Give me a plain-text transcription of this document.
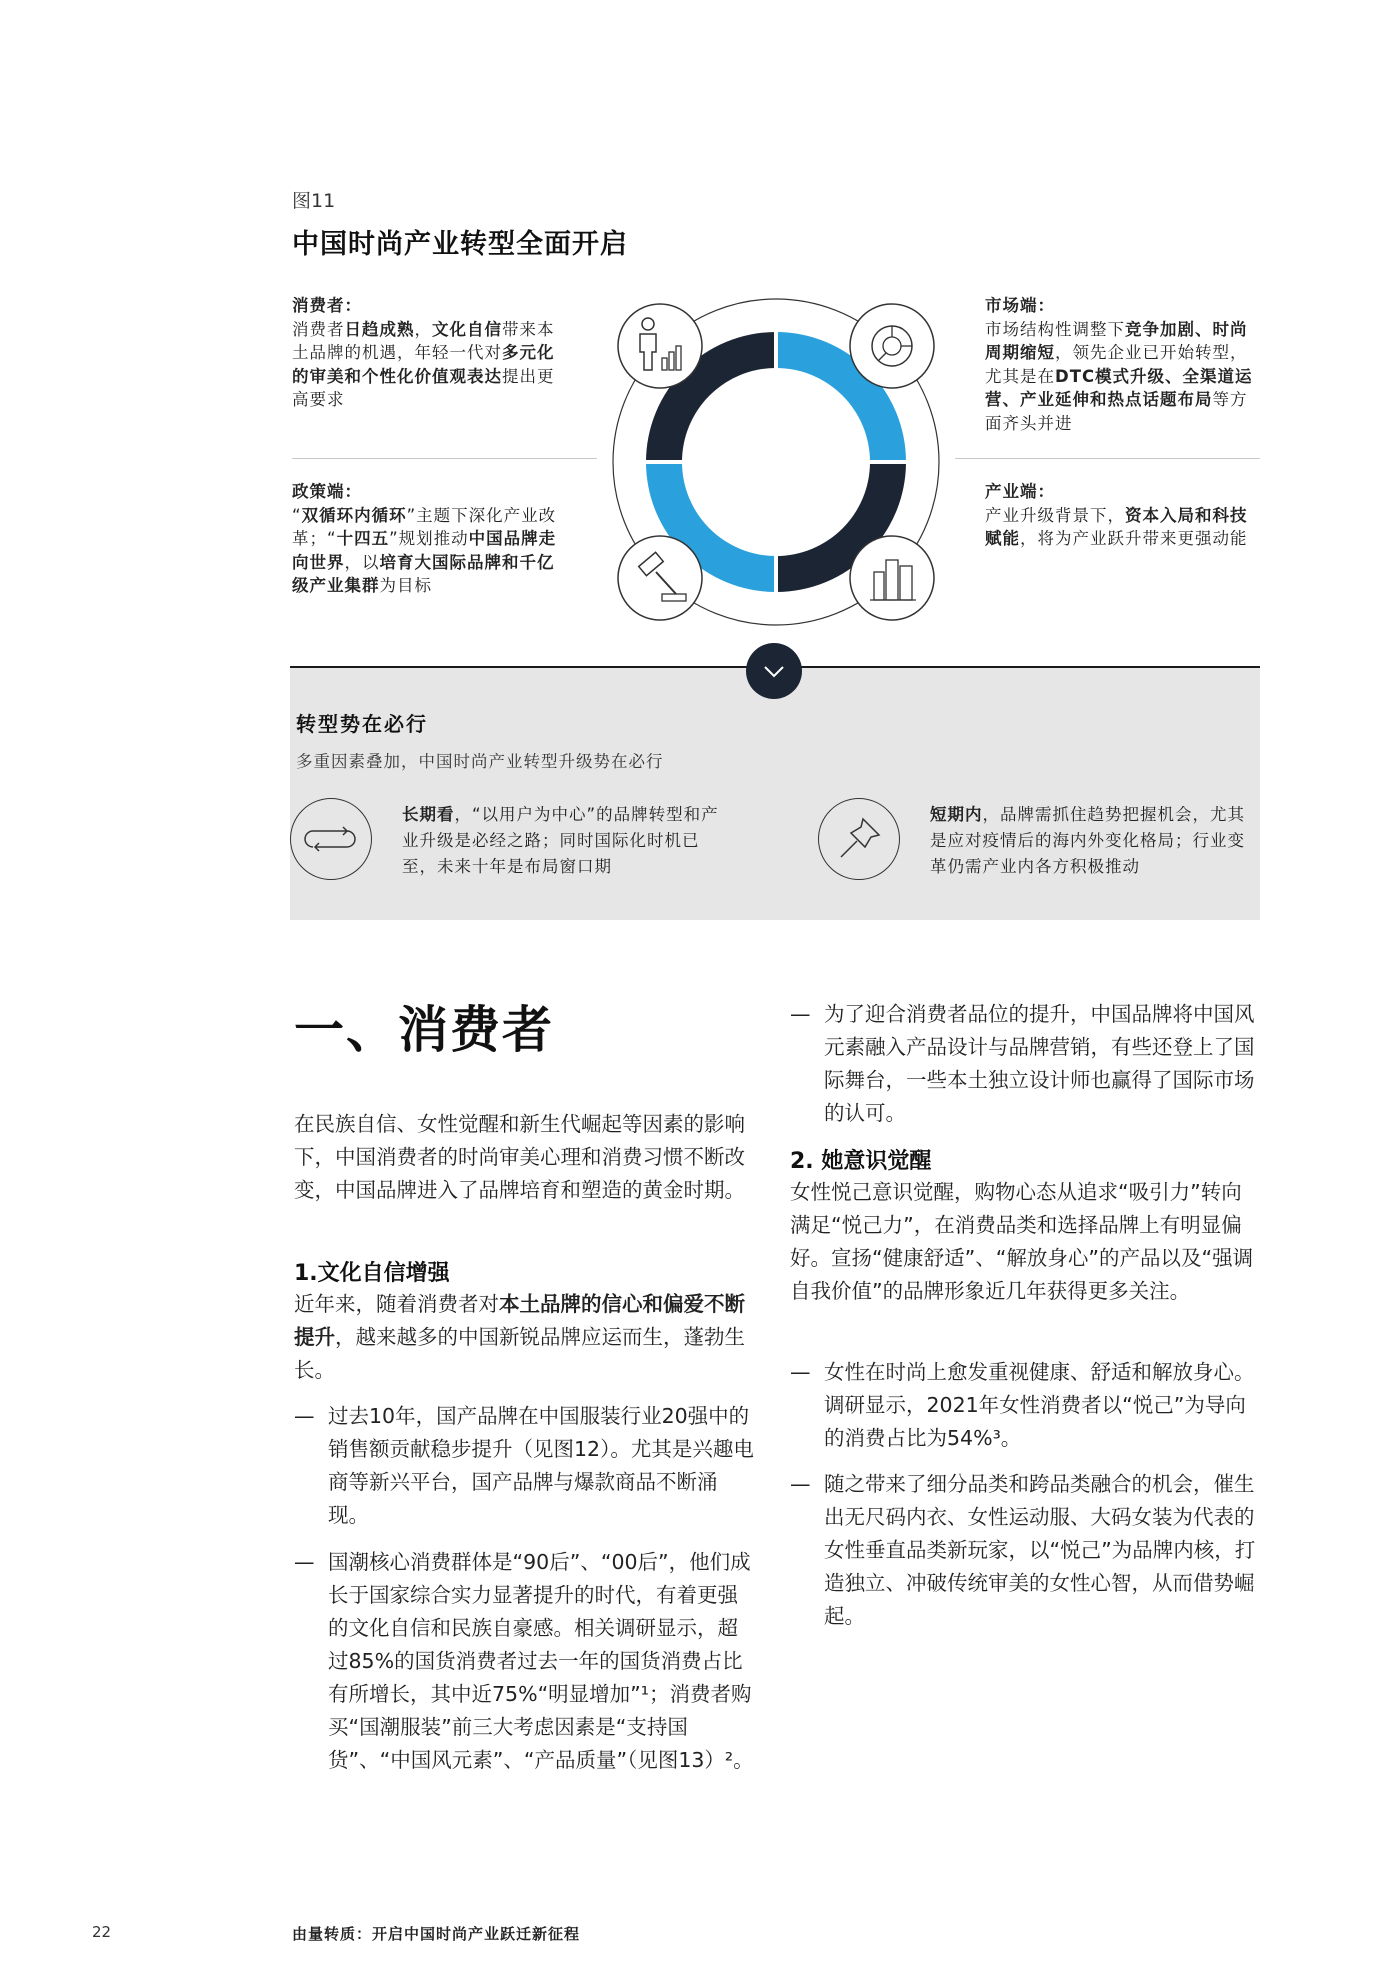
图11
中国时尚产业转型全面开启
消费者：
消费者日趋成熟，文化自信带来本土品牌的机遇，年轻一代对多元化的审美和个性化价值观表达提出更高要求
市场端：
市场结构性调整下竞争加剧、时尚周期缩短，领先企业已开始转型，尤其是在DTC模式升级、全渠道运营、产业延伸和热点话题布局等方面齐头并进
政策端：
“双循环内循环”主题下深化产业改革；“十四五”规划推动中国品牌走向世界，以培育大国际品牌和千亿级产业集群为目标
产业端：
产业升级背景下，资本入局和科技赋能，将为产业跃升带来更强动能
转型势在必行
多重因素叠加，中国时尚产业转型升级势在必行
长期看，“以用户为中心”的品牌转型和产业升级是必经之路；同时国际化时机已至，未来十年是布局窗口期
短期内，品牌需抓住趋势把握机会，尤其是应对疫情后的海内外变化格局；行业变革仍需产业内各方积极推动
一、消费者
在民族自信、女性觉醒和新生代崛起等因素的影响下，中国消费者的时尚审美心理和消费习惯不断改变，中国品牌进入了品牌培育和塑造的黄金时期。
1.文化自信增强
近年来，随着消费者对本土品牌的信心和偏爱不断提升，越来越多的中国新锐品牌应运而生，蓬勃生长。
— 过去10年，国产品牌在中国服装行业20强中的销售额贡献稳步提升（见图12）。尤其是兴趣电商等新兴平台，国产品牌与爆款商品不断涌现。
— 国潮核心消费群体是“90后”、“00后”，他们成长于国家综合实力显著提升的时代，有着更强的文化自信和民族自豪感。相关调研显示，超过85%的国货消费者过去一年的国货消费占比有所增长，其中近75%“明显增加”¹；消费者购买“国潮服装”前三大考虑因素是“支持国货”、“中国风元素”、“产品质量”（见图13）²。
— 为了迎合消费者品位的提升，中国品牌将中国风元素融入产品设计与品牌营销，有些还登上了国际舞台，一些本土独立设计师也赢得了国际市场的认可。
2. 她意识觉醒
女性悦己意识觉醒，购物心态从追求“吸引力”转向满足“悦己力”，在消费品类和选择品牌上有明显偏好。宣扬“健康舒适”、“解放身心”的产品以及“强调自我价值”的品牌形象近几年获得更多关注。
— 女性在时尚上愈发重视健康、舒适和解放身心。调研显示，2021年女性消费者以“悦己”为导向的消费占比为54%³。
— 随之带来了细分品类和跨品类融合的机会，催生出无尺码内衣、女性运动服、大码女装为代表的女性垂直品类新玩家，以“悦己”为品牌内核，打造独立、冲破传统审美的女性心智，从而借势崛起。
22	由量转质：开启中国时尚产业跃迁新征程
